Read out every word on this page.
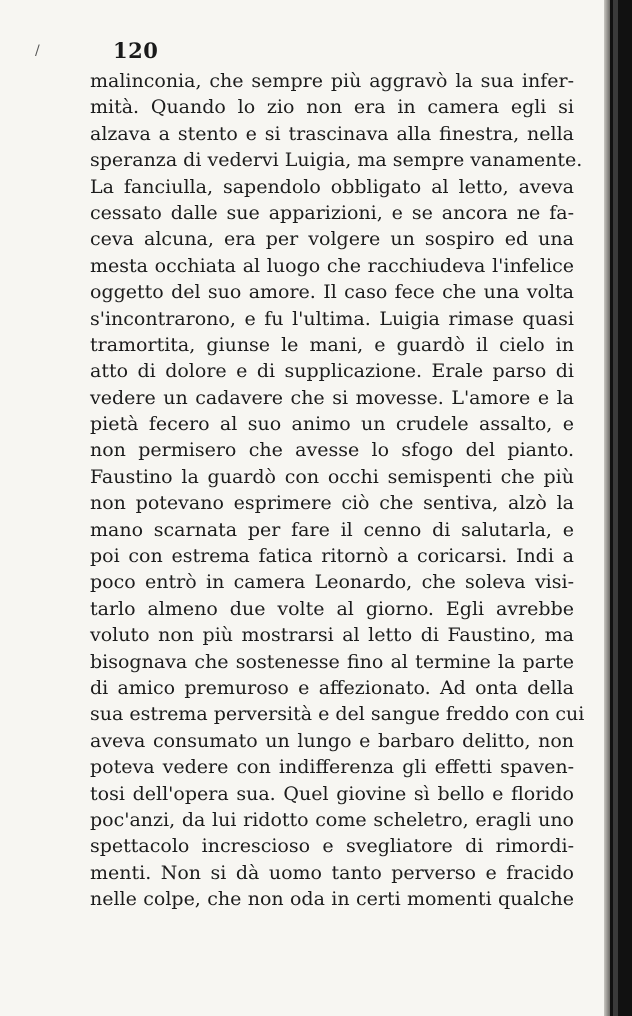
/	120
malinconia, che sempre più aggravò la sua infer-
mità. Quando lo zio non era in camera egli si
alzava a stento e si trascinava alla finestra, nella
speranza di vedervi Luigia, ma sempre vanamente.
La fanciulla, sapendolo obbligato al letto, aveva
cessato dalle sue apparizioni, e se ancora ne fa-
ceva alcuna, era per volgere un sospiro ed una
mesta occhiata al luogo che racchiudeva l'infelice
oggetto del suo amore. Il caso fece che una volta
s'incontrarono, e fu l'ultima. Luigia rimase quasi
tramortita, giunse le mani, e guardò il cielo in
atto di dolore e di supplicazione. Erale parso di
vedere un cadavere che si movesse. L'amore e la
pietà fecero al suo animo un crudele assalto, e
non permisero che avesse lo sfogo del pianto.
Faustino la guardò con occhi semispenti che più
non potevano esprimere ciò che sentiva, alzò la
mano scarnata per fare il cenno di salutarla, e
poi con estrema fatica ritornò a coricarsi. Indi a
poco entrò in camera Leonardo, che soleva visi-
tarlo almeno due volte al giorno. Egli avrebbe
voluto non più mostrarsi al letto di Faustino, ma
bisognava che sostenesse fino al termine la parte
di amico premuroso e affezionato. Ad onta della
sua estrema perversità e del sangue freddo con cui
aveva consumato un lungo e barbaro delitto, non
poteva vedere con indifferenza gli effetti spaven-
tosi dell'opera sua. Quel giovine sì bello e florido
poc'anzi, da lui ridotto come scheletro, eragli uno
spettacolo increscioso e svegliatore di rimordi-
menti. Non si dà uomo tanto perverso e fracido
nelle colpe, che non oda in certi momenti qualche
